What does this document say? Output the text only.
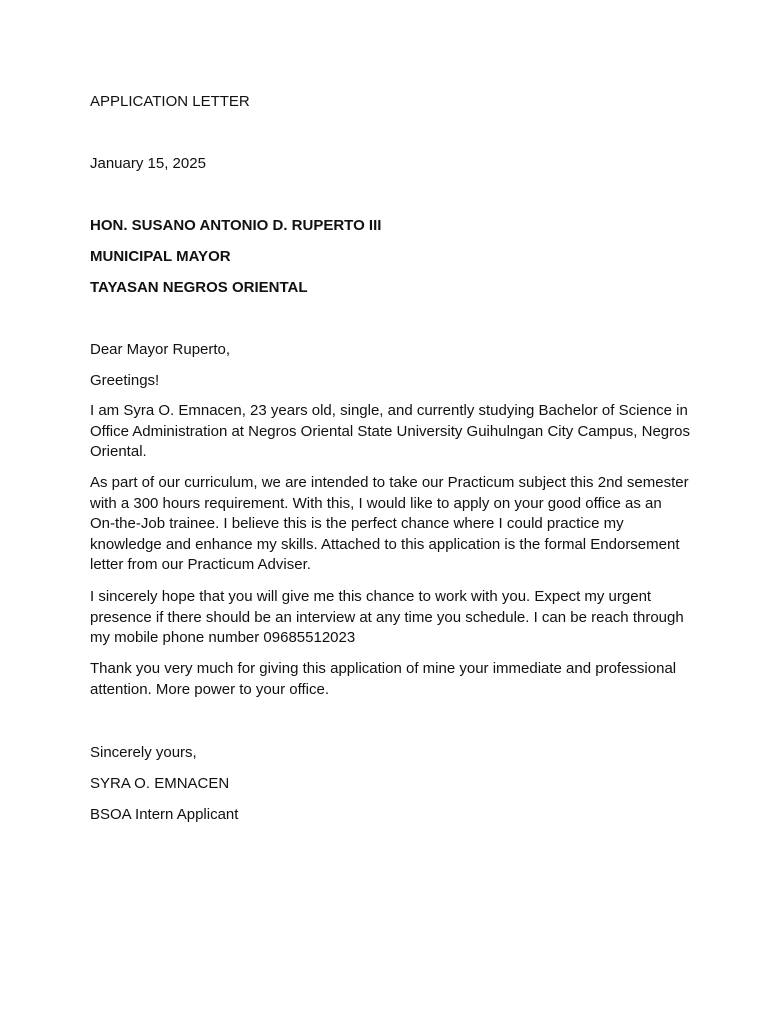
APPLICATION LETTER
January 15, 2025
HON. SUSANO ANTONIO D. RUPERTO III
MUNICIPAL MAYOR
TAYASAN NEGROS ORIENTAL
Dear Mayor Ruperto,
Greetings!
I am Syra O. Emnacen, 23 years old, single, and currently studying Bachelor of Science in Office Administration at Negros Oriental State University Guihulngan City Campus, Negros Oriental.
As part of our curriculum, we are intended to take our Practicum subject this 2nd semester with a 300 hours requirement. With this, I would like to apply on your good office as an On-the-Job trainee. I believe this is the perfect chance where I could practice my knowledge and enhance my skills. Attached to this application is the formal Endorsement letter from our Practicum Adviser.
I sincerely hope that you will give me this chance to work with you. Expect my urgent presence if there should be an interview at any time you schedule. I can be reach through my mobile phone number 09685512023
Thank you very much for giving this application of mine your immediate and professional attention. More power to your office.
Sincerely yours,
SYRA O. EMNACEN
BSOA Intern Applicant
